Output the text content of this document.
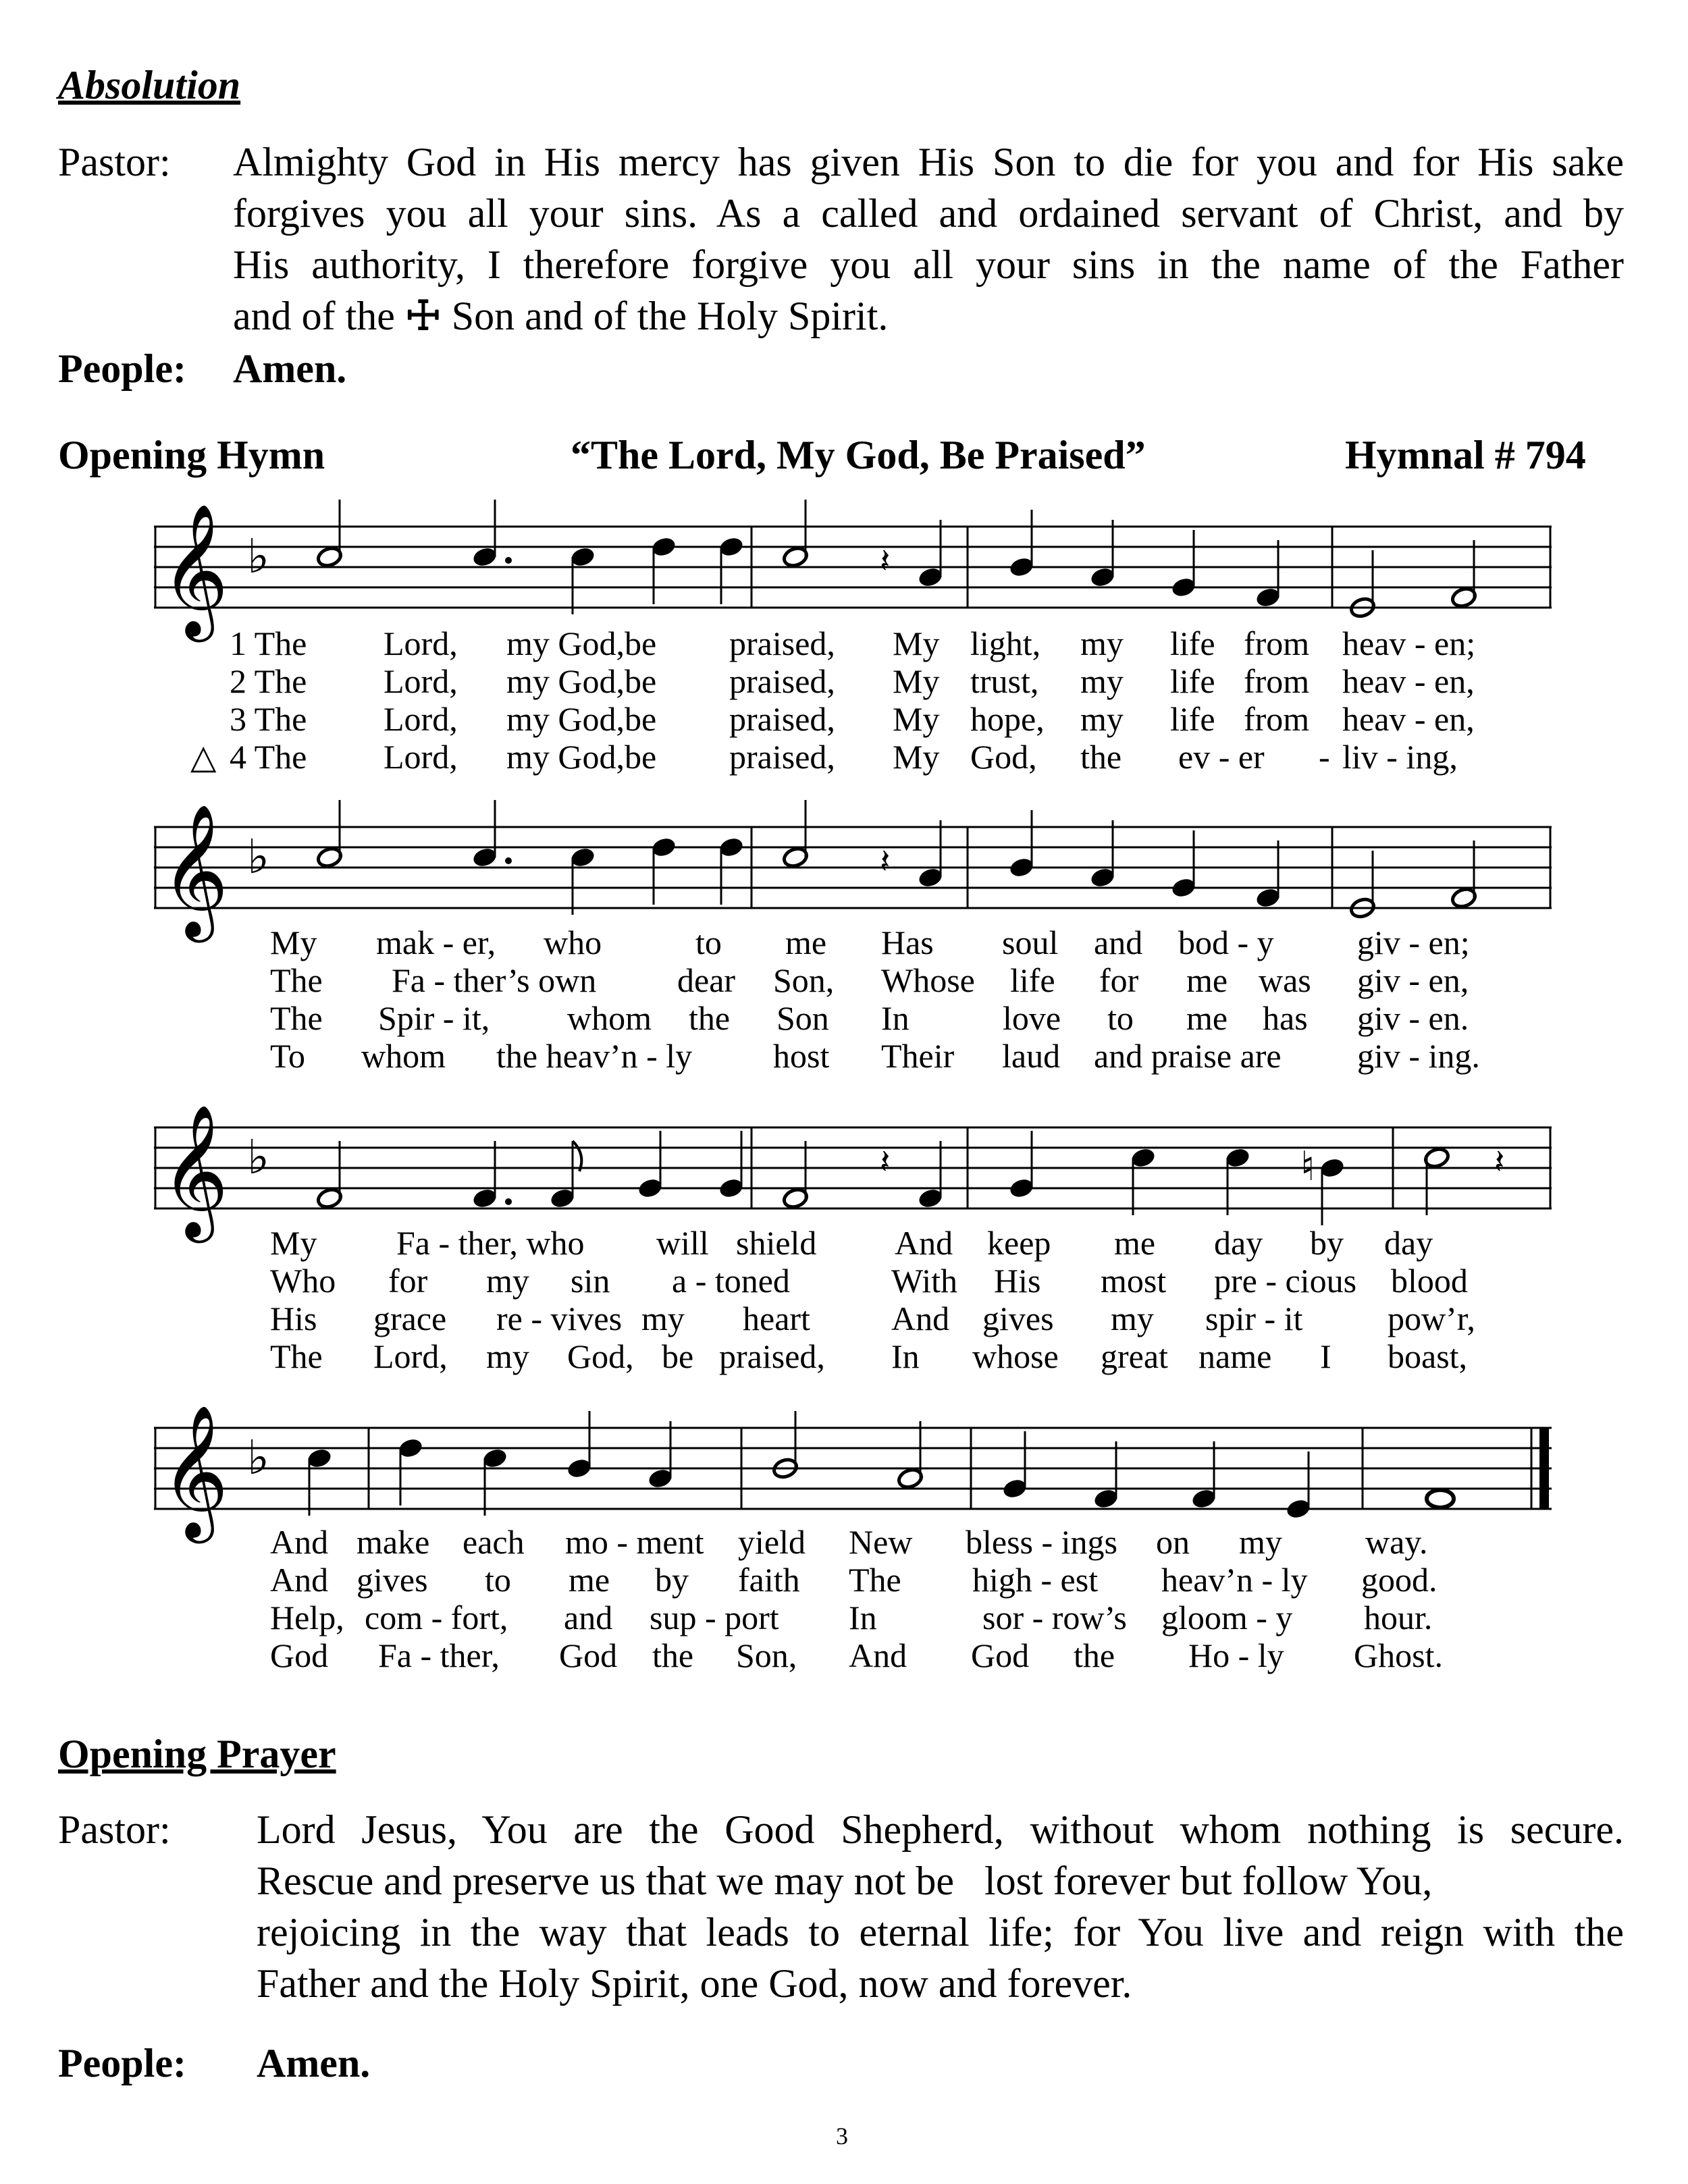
Absolution
Pastor: Almighty God in His mercy has given His Son to die for you and for His sake
forgives you all your sins. As a called and ordained servant of Christ, and by
His authority, I therefore forgive you all your sins in the name of the Father
and of the ☩ Son and of the Holy Spirit.
People: Amen.
Opening Hymn	“The Lord, My God, Be Praised”	Hymnal # 794
𝄞 ♭	𝄽
1 The Lord, my God, be praised, My light, my life from heav - en;
2 The Lord, my God, be praised, My trust, my life from heav - en,
3 The Lord, my God, be praised, My hope, my life from heav - en,
△ 4 The Lord, my God, be praised, My God, the ev - er - liv - ing,
𝄞 ♭	𝄽
My mak - er, who	to me Has soul and bod - y giv - en;
The Fa - ther’s own dear Son, Whose life for me was giv - en,
The Spir - it, whom the Son In	love to me has giv - en.
To whom the heav’n - ly host Their laud and praise are giv - ing.
𝄞 ♭	♮
𝄽	𝄽
My Fa - ther, who will shield And keep me day by day
Who for my sin a - toned	With His most pre - cious blood
His grace re - vives my heart And gives my spir - it	pow’r,
The Lord, my God, be praised, In whose great name I boast,
𝄞 ♭
And make each mo - ment yield New bless - ings on my way.
And gives to me by faith The high - est heav’n - ly good.
Help, com - fort, and sup - port In	sor - row’s gloom - y hour.
God Fa - ther, God the Son, And God the Ho - ly Ghost.
Opening Prayer
Pastor: Lord Jesus, You are the Good Shepherd, without whom nothing is secure.
Rescue and preserve us that we may not be   lost forever but follow You,
rejoicing in the way that leads to eternal life; for You live and reign with the
Father and the Holy Spirit, one God, now and forever.
People: Amen.
3
